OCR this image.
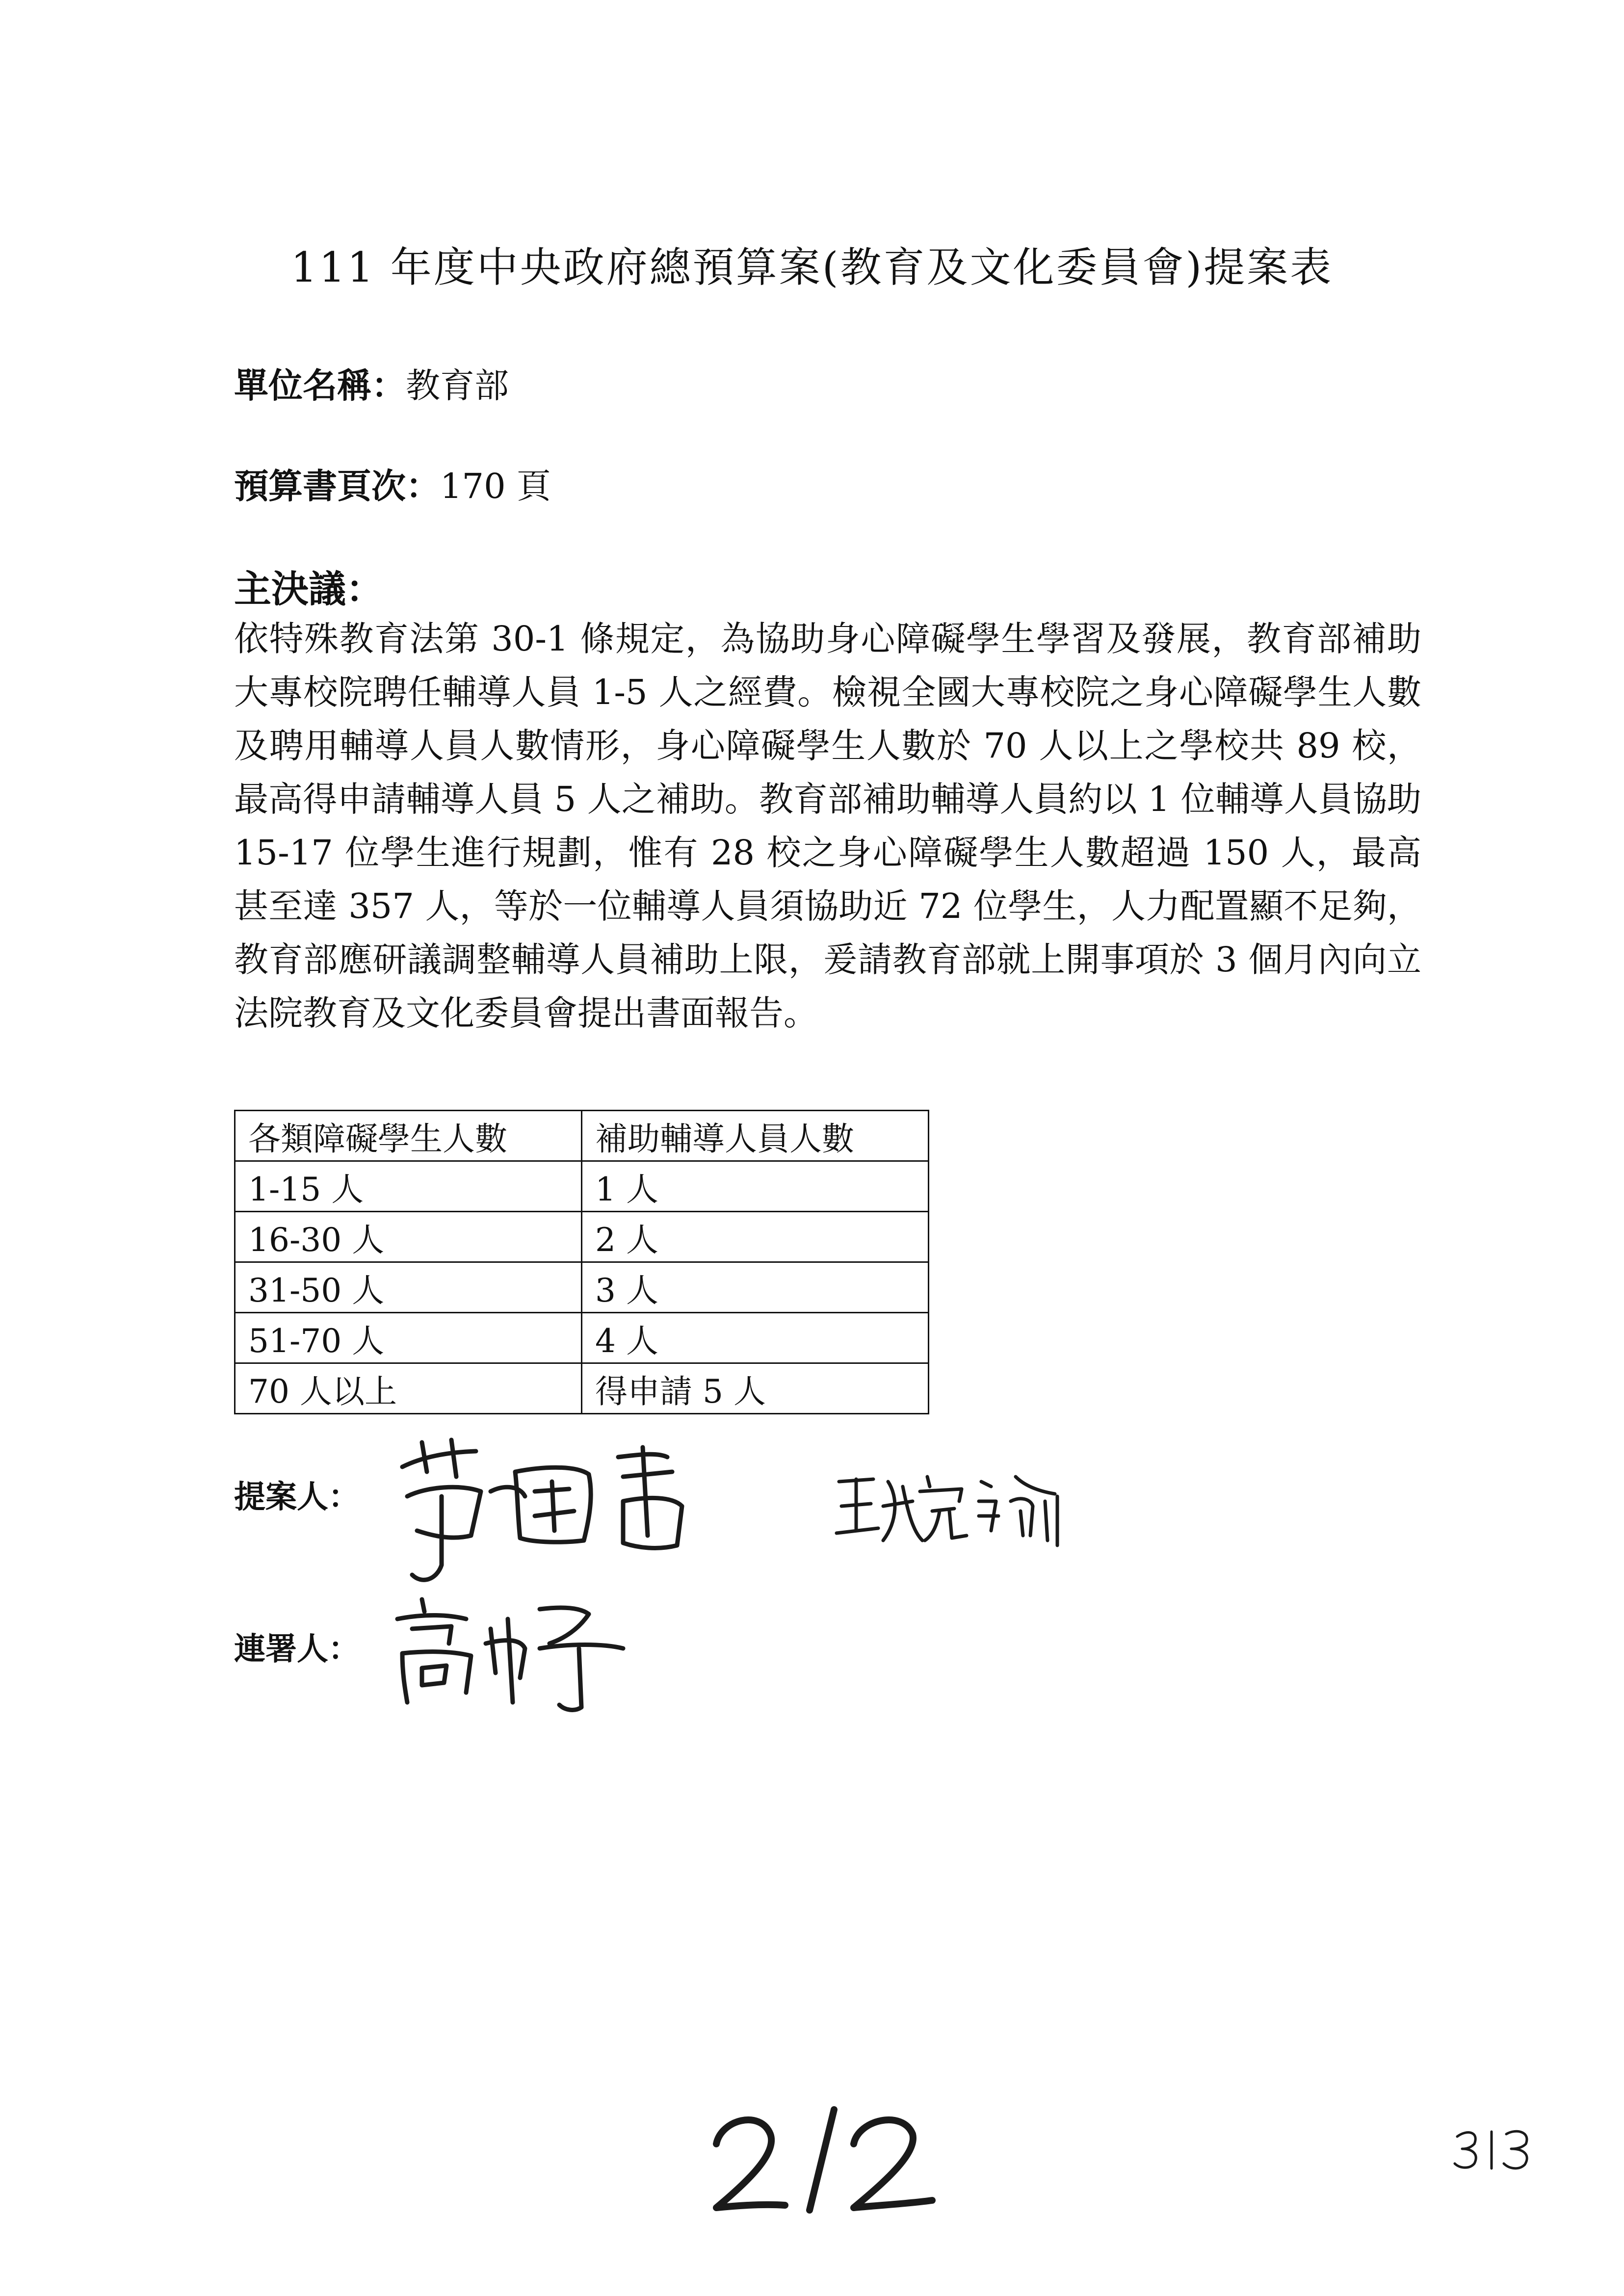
111 年度中央政府總預算案(教育及文化委員會)提案表
單位名稱：教育部
預算書頁次：170 頁
主決議：
依特殊教育法第 30-1 條規定，為協助身心障礙學生學習及發展，教育部補助大專校院聘任輔導人員 1-5 人之經費。檢視全國大專校院之身心障礙學生人數及聘用輔導人員人數情形，身心障礙學生人數於 70 人以上之學校共 89 校，最高得申請輔導人員 5 人之補助。教育部補助輔導人員約以 1 位輔導人員協助 15-17 位學生進行規劃，惟有 28 校之身心障礙學生人數超過 150 人，最高甚至達 357 人，等於一位輔導人員須協助近 72 位學生，人力配置顯不足夠，教育部應研議調整輔導人員補助上限，爰請教育部就上開事項於 3 個月內向立法院教育及文化委員會提出書面報告。
各類障礙學生人數	補助輔導人員人數
1-15 人	1 人
16-30 人	2 人
31-50 人	3 人
51-70 人	4 人
70 人以上	得申請 5 人
提案人：
連署人：
